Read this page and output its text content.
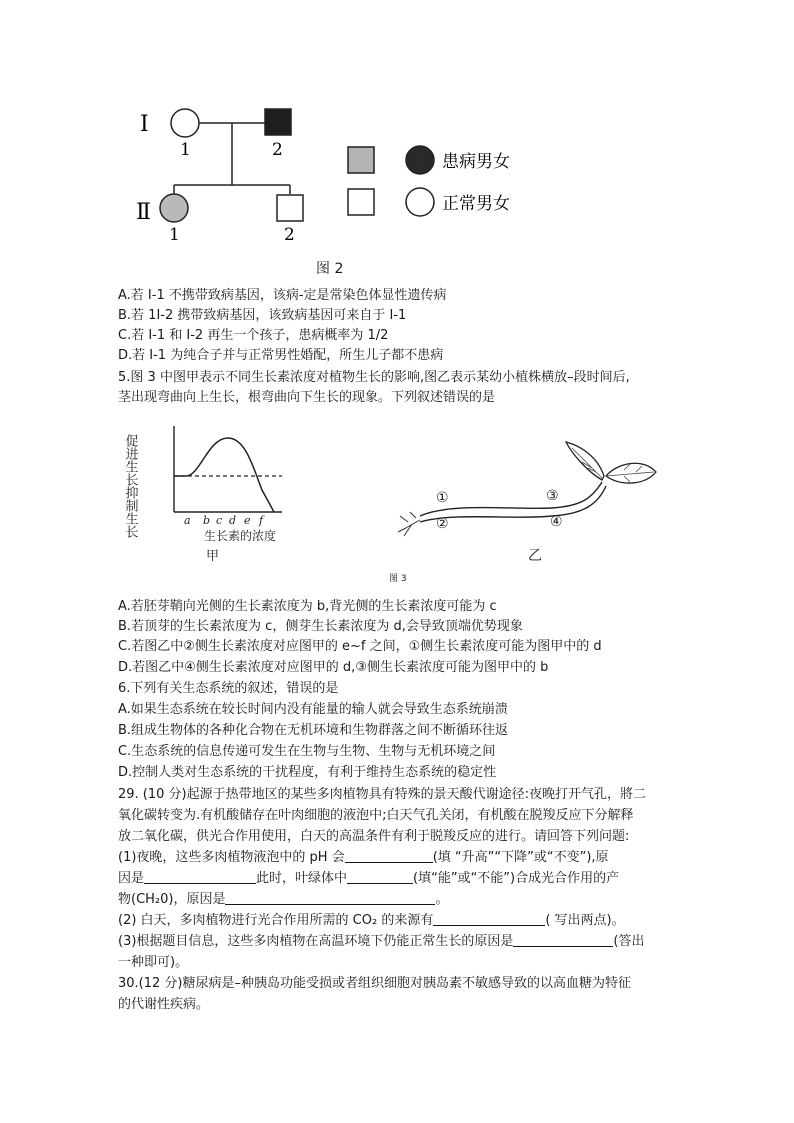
Ⅰ
Ⅱ
1	2
1	2
患病男女
正常男女
图 2
A.若 I-1 不携带致病基因，该病-定是常染色体显性遗传病
B.若 1I-2 携带致病基因，该致病基因可来自于 I-1
C.若 I-1 和 I-2 再生一个孩子，患病概率为 1/2
D.若 I-1 为纯合子并与正常男性婚配，所生儿子都不患病
5.图 3 中图甲表示不同生长素浓度对植物生长的影响,图乙表示某幼小植株横放–段时间后,
茎出现弯曲向上生长，根弯曲向下生长的现象。下列叙述错误的是
促进生长
抑制生长	a b c d e f
生长素的浓度
甲
①
②
③
④
乙
图 3
A.若胚芽鞘向光侧的生长素浓度为 b,背光侧的生长素浓度可能为 c
B.若顶芽的生长素浓度为 c，侧芽生长素浓度为 d,会导致顶端优势现象
C.若图乙中②侧生长素浓度对应图甲的 e~f 之间，①侧生长素浓度可能为图甲中的 d
D.若图乙中④侧生长素浓度对应图甲的 d,③侧生长素浓度可能为图甲中的 b
6.下列有关生态系统的叙述，错误的是
A.如果生态系统在较长时间内没有能量的输人就会导致生态系统崩溃
B.组成生物体的各种化合物在无机环境和生物群落之间不断循环往返
C.生态系统的信息传递可发生在生物与生物、生物与无机环境之间
D.控制人类对生态系统的干扰程度，有利于维持生态系统的稳定性
29. (10 分)起源于热带地区的某些多肉植物具有特殊的景天酸代谢途径:夜晚打开气孔，將二
氧化碳转变为.有机酸储存在叶肉细胞的液泡中;白天气孔关闭，有机酸在脱羧反应下分解释
放二氧化碳，供光合作用使用，白天的高温条件有利于脱羧反应的进行。请回答下列问题:
(1)夜晚，这些多肉植物液泡中的 pH 会	(填 “升高”“下降”或“不变”),原
因是	此时，叶绿体中	(填“能”或“不能”)合成光合作用的产
物(CH₂0)，原因是	。
(2) 白天，多肉植物进行光合作用所需的 CO₂ 的来源有	( 写出两点)。
(3)根据题目信息，这些多肉植物在高温环境下仍能正常生长的原因是	(答出
一种即可)。
30.(12 分)糖尿病是–种胰岛功能受损或者组织细胞对胰岛素不敏感导致的以高血糖为特征
的代谢性疾病。
